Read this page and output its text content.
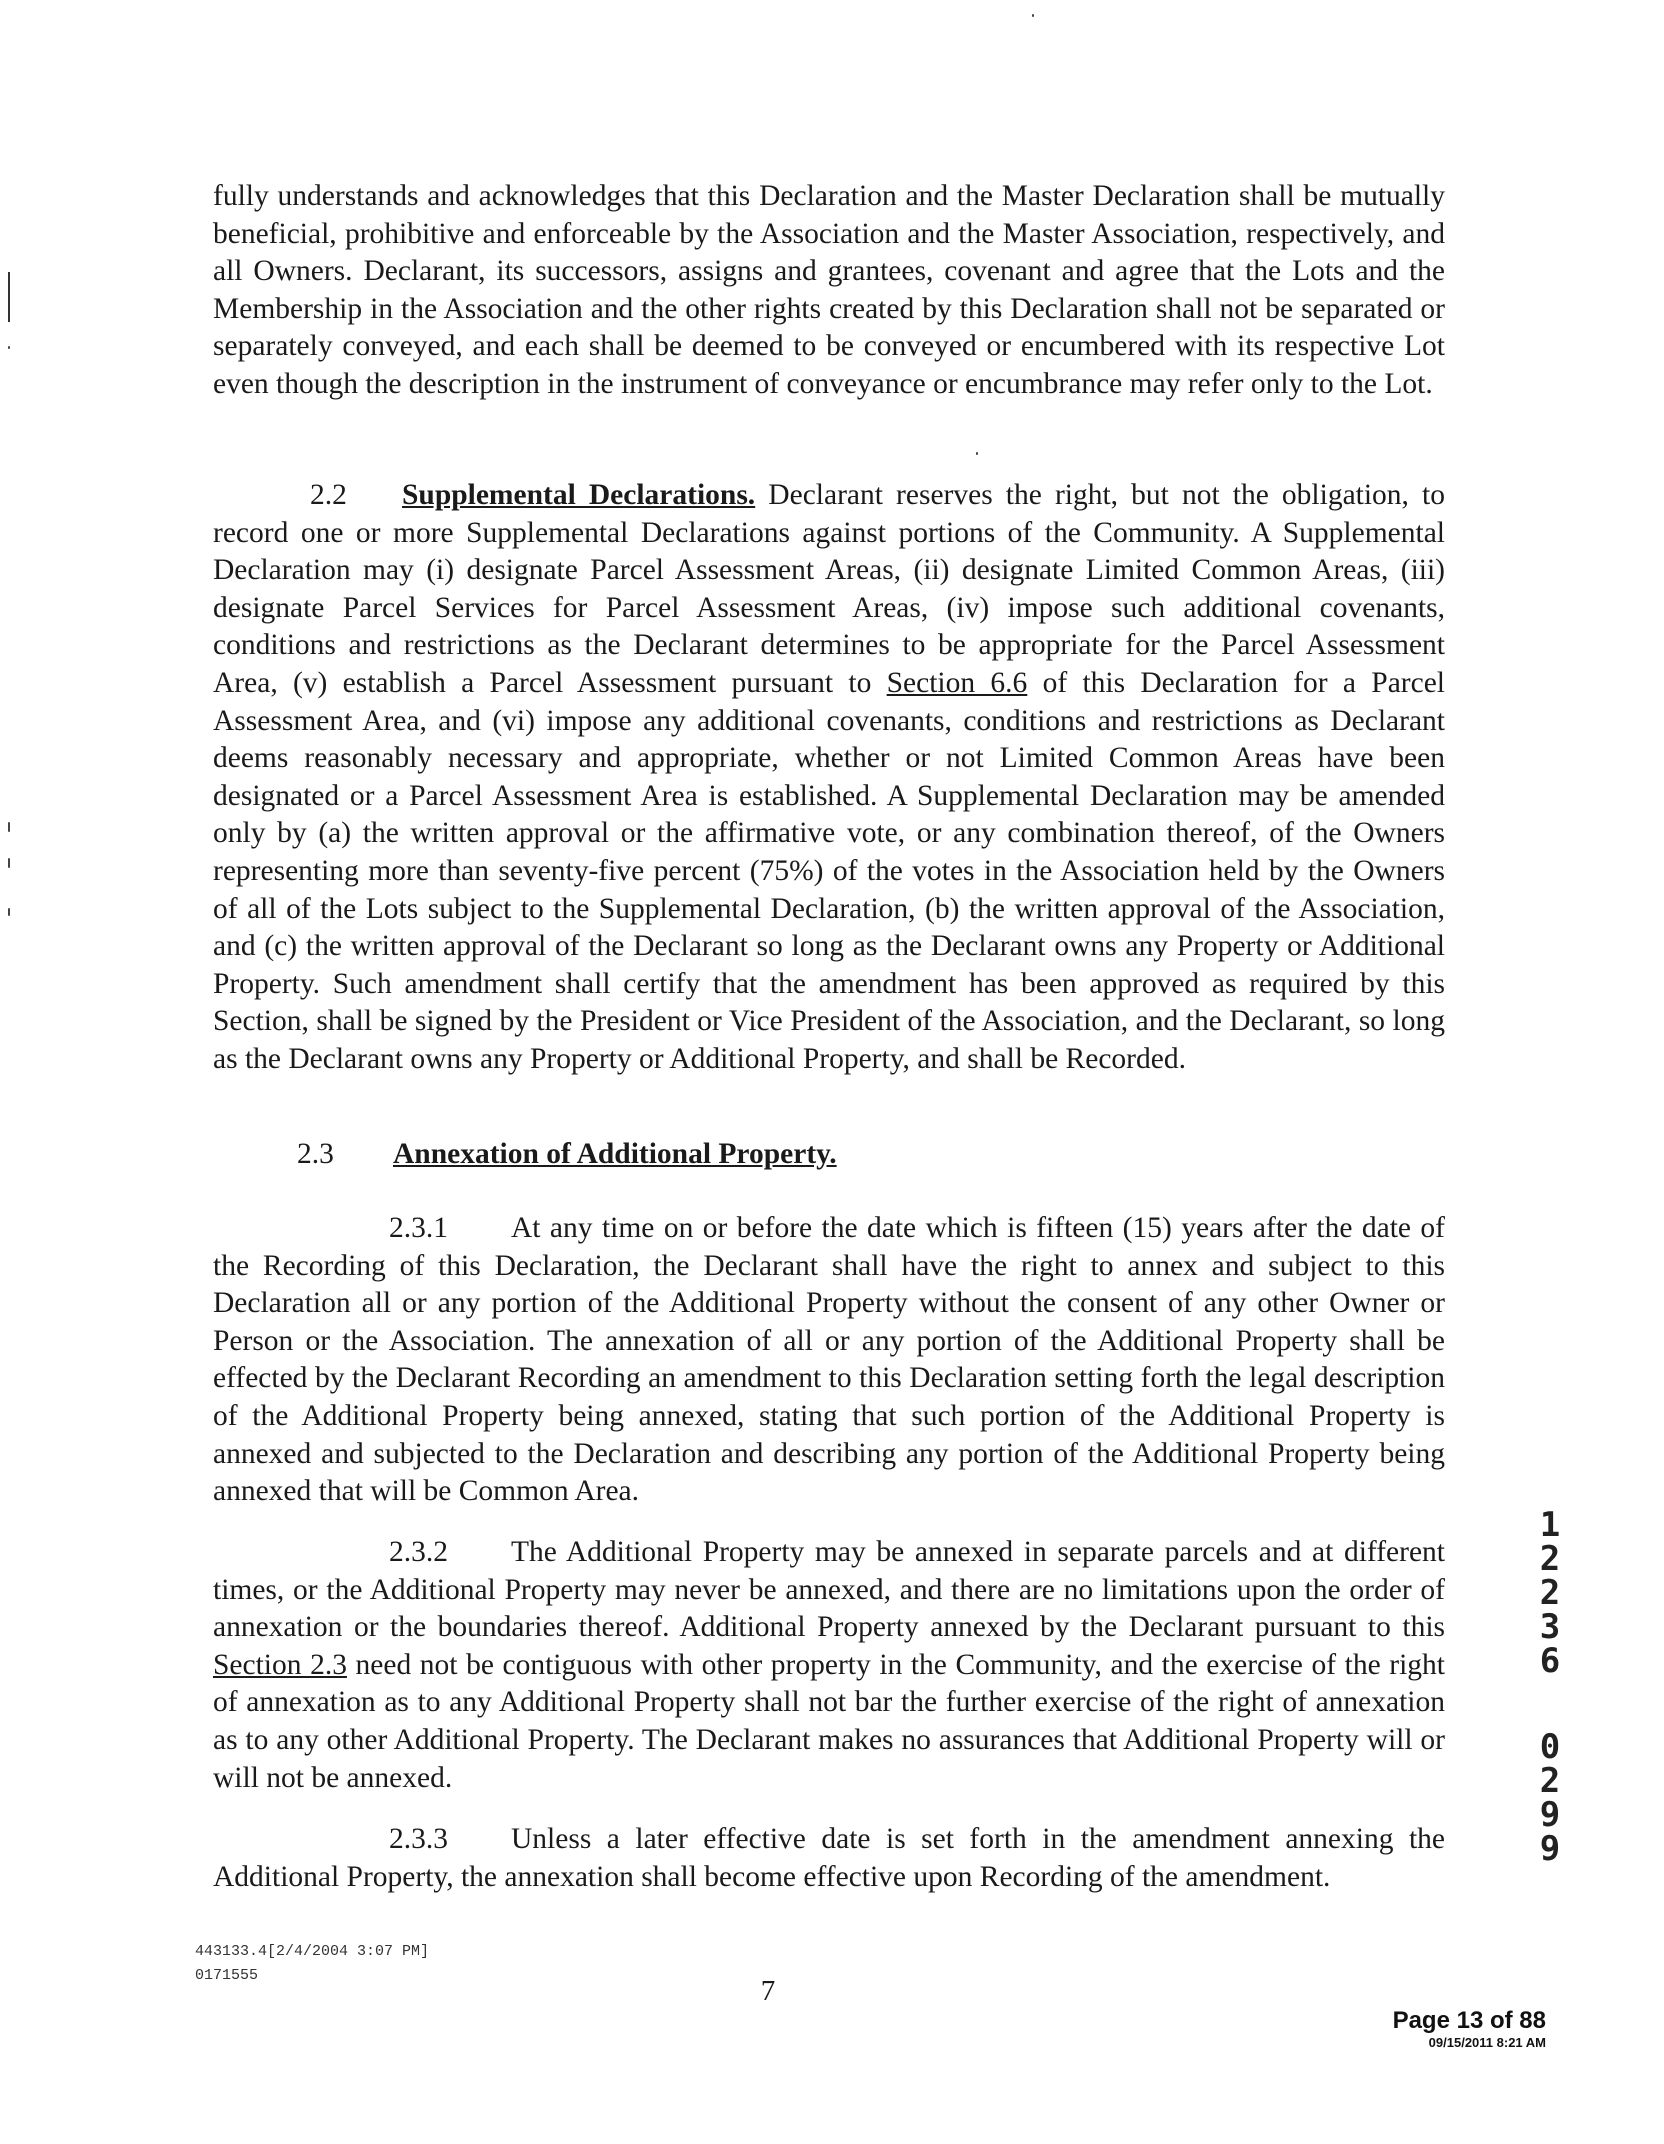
fully understands and acknowledges that this Declaration and the Master Declaration shall be mutually beneficial, prohibitive and enforceable by the Association and the Master Association, respectively, and all Owners. Declarant, its successors, assigns and grantees, covenant and agree that the Lots and the Membership in the Association and the other rights created by this Declaration shall not be separated or separately conveyed, and each shall be deemed to be conveyed or encumbered with its respective Lot even though the description in the instrument of conveyance or encumbrance may refer only to the Lot.

2.2 Supplemental Declarations. Declarant reserves the right, but not the obligation, to record one or more Supplemental Declarations against portions of the Community. A Supplemental Declaration may (i) designate Parcel Assessment Areas, (ii) designate Limited Common Areas, (iii) designate Parcel Services for Parcel Assessment Areas, (iv) impose such additional covenants, conditions and restrictions as the Declarant determines to be appropriate for the Parcel Assessment Area, (v) establish a Parcel Assessment pursuant to Section 6.6 of this Declaration for a Parcel Assessment Area, and (vi) impose any additional covenants, conditions and restrictions as Declarant deems reasonably necessary and appropriate, whether or not Limited Common Areas have been designated or a Parcel Assessment Area is established. A Supplemental Declaration may be amended only by (a) the written approval or the affirmative vote, or any combination thereof, of the Owners representing more than seventy-five percent (75%) of the votes in the Association held by the Owners of all of the Lots subject to the Supplemental Declaration, (b) the written approval of the Association, and (c) the written approval of the Declarant so long as the Declarant owns any Property or Additional Property. Such amendment shall certify that the amendment has been approved as required by this Section, shall be signed by the President or Vice President of the Association, and the Declarant, so long as the Declarant owns any Property or Additional Property, and shall be Recorded.

2.3 Annexation of Additional Property.

2.3.1 At any time on or before the date which is fifteen (15) years after the date of the Recording of this Declaration, the Declarant shall have the right to annex and subject to this Declaration all or any portion of the Additional Property without the consent of any other Owner or Person or the Association. The annexation of all or any portion of the Additional Property shall be effected by the Declarant Recording an amendment to this Declaration setting forth the legal description of the Additional Property being annexed, stating that such portion of the Additional Property is annexed and subjected to the Declaration and describing any portion of the Additional Property being annexed that will be Common Area.

2.3.2 The Additional Property may be annexed in separate parcels and at different times, or the Additional Property may never be annexed, and there are no limitations upon the order of annexation or the boundaries thereof. Additional Property annexed by the Declarant pursuant to this Section 2.3 need not be contiguous with other property in the Community, and the exercise of the right of annexation as to any Additional Property shall not bar the further exercise of the right of annexation as to any other Additional Property. The Declarant makes no assurances that Additional Property will or will not be annexed.

2.3.3 Unless a later effective date is set forth in the amendment annexing the Additional Property, the annexation shall become effective upon Recording of the amendment.

1
2
2
3
6
0
2
9
9
443133.4[2/4/2004 3:07 PM]
0171555	7
Page 13 of 88
09/15/2011 8:21 AM
